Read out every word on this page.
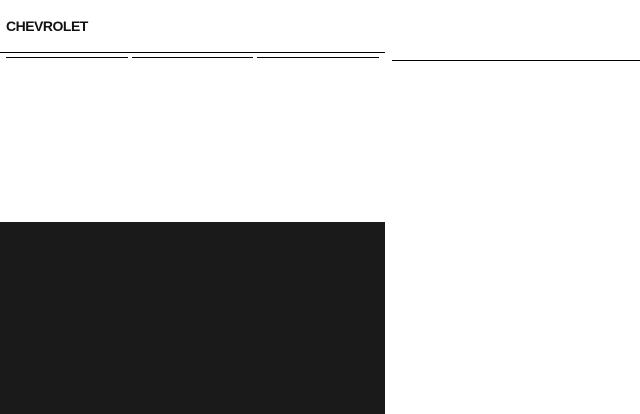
CHEVROLET
